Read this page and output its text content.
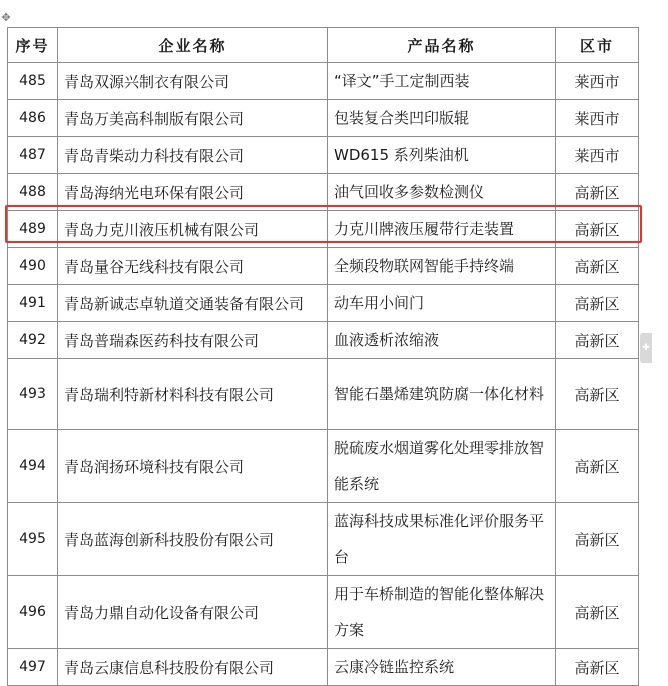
✥
序号	企业名称	产品名称	区市
485	青岛双源兴制衣有限公司	“译文”手工定制西装	莱西市
486	青岛万美高科制版有限公司	包装复合类凹印版辊	莱西市
487	青岛青柴动力科技有限公司	WD615 系列柴油机	莱西市
488	青岛海纳光电环保有限公司	油气回收多参数检测仪	高新区
489	青岛力克川液压机械有限公司	力克川牌液压履带行走装置	高新区
490	青岛量谷无线科技有限公司	全频段物联网智能手持终端	高新区
491	青岛新诚志卓轨道交通装备有限公司	动车用小间门	高新区
492	青岛普瑞森医药科技有限公司	血液透析浓缩液	高新区
493	青岛瑞利特新材料科技有限公司	智能石墨烯建筑防腐一体化材料	高新区
494	青岛润扬环境科技有限公司	脱硫废水烟道雾化处理零排放智能系统	高新区
495	青岛蓝海创新科技股份有限公司	蓝海科技成果标准化评价服务平台	高新区
496	青岛力鼎自动化设备有限公司	用于车桥制造的智能化整体解决方案	高新区
497	青岛云康信息科技股份有限公司	云康冷链监控系统	高新区
✚
